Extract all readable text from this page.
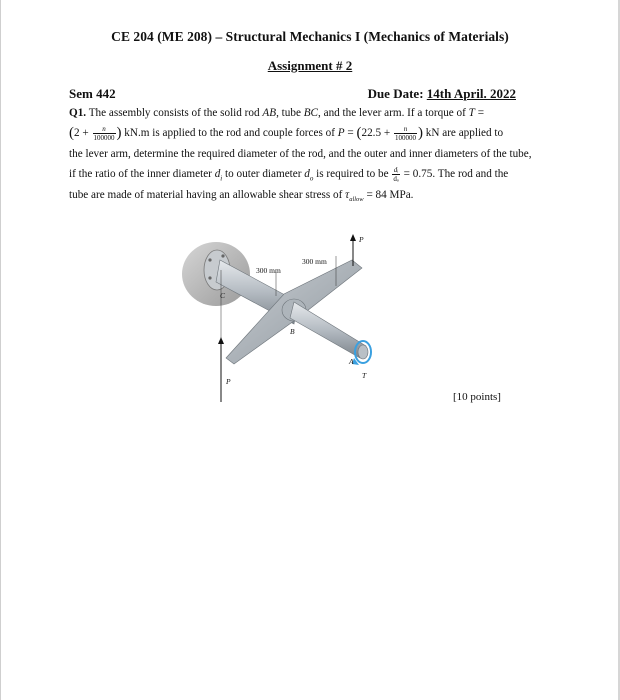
CE 204 (ME 208) – Structural Mechanics I (Mechanics of Materials)
Assignment # 2
Sem 442	Due Date: 14th April. 2022
Q1. The assembly consists of the solid rod AB, tube BC, and the lever arm. If a torque of T =
($2 + \frac{n}{100000}$ ) kN.m is applied to the rod and couple forces of $P = (22.5 + \frac{n}{100000}$ ) kN are applied to
the lever arm, determine the required diameter of the rod, and the outer and inner diameters of the tube,
if the ratio of the inner diameter $d_i$ to outer diameter $d_o$ is required to be $\frac{\text{dᵢ}}{\text{dₒ}} = 0.75$. The rod and the
tube are made of material having an allowable shear stress of $\tau_{allow} = 84$ MPa.
300 mm
300 mm
P
P
C
B
A
T
[10 points]
